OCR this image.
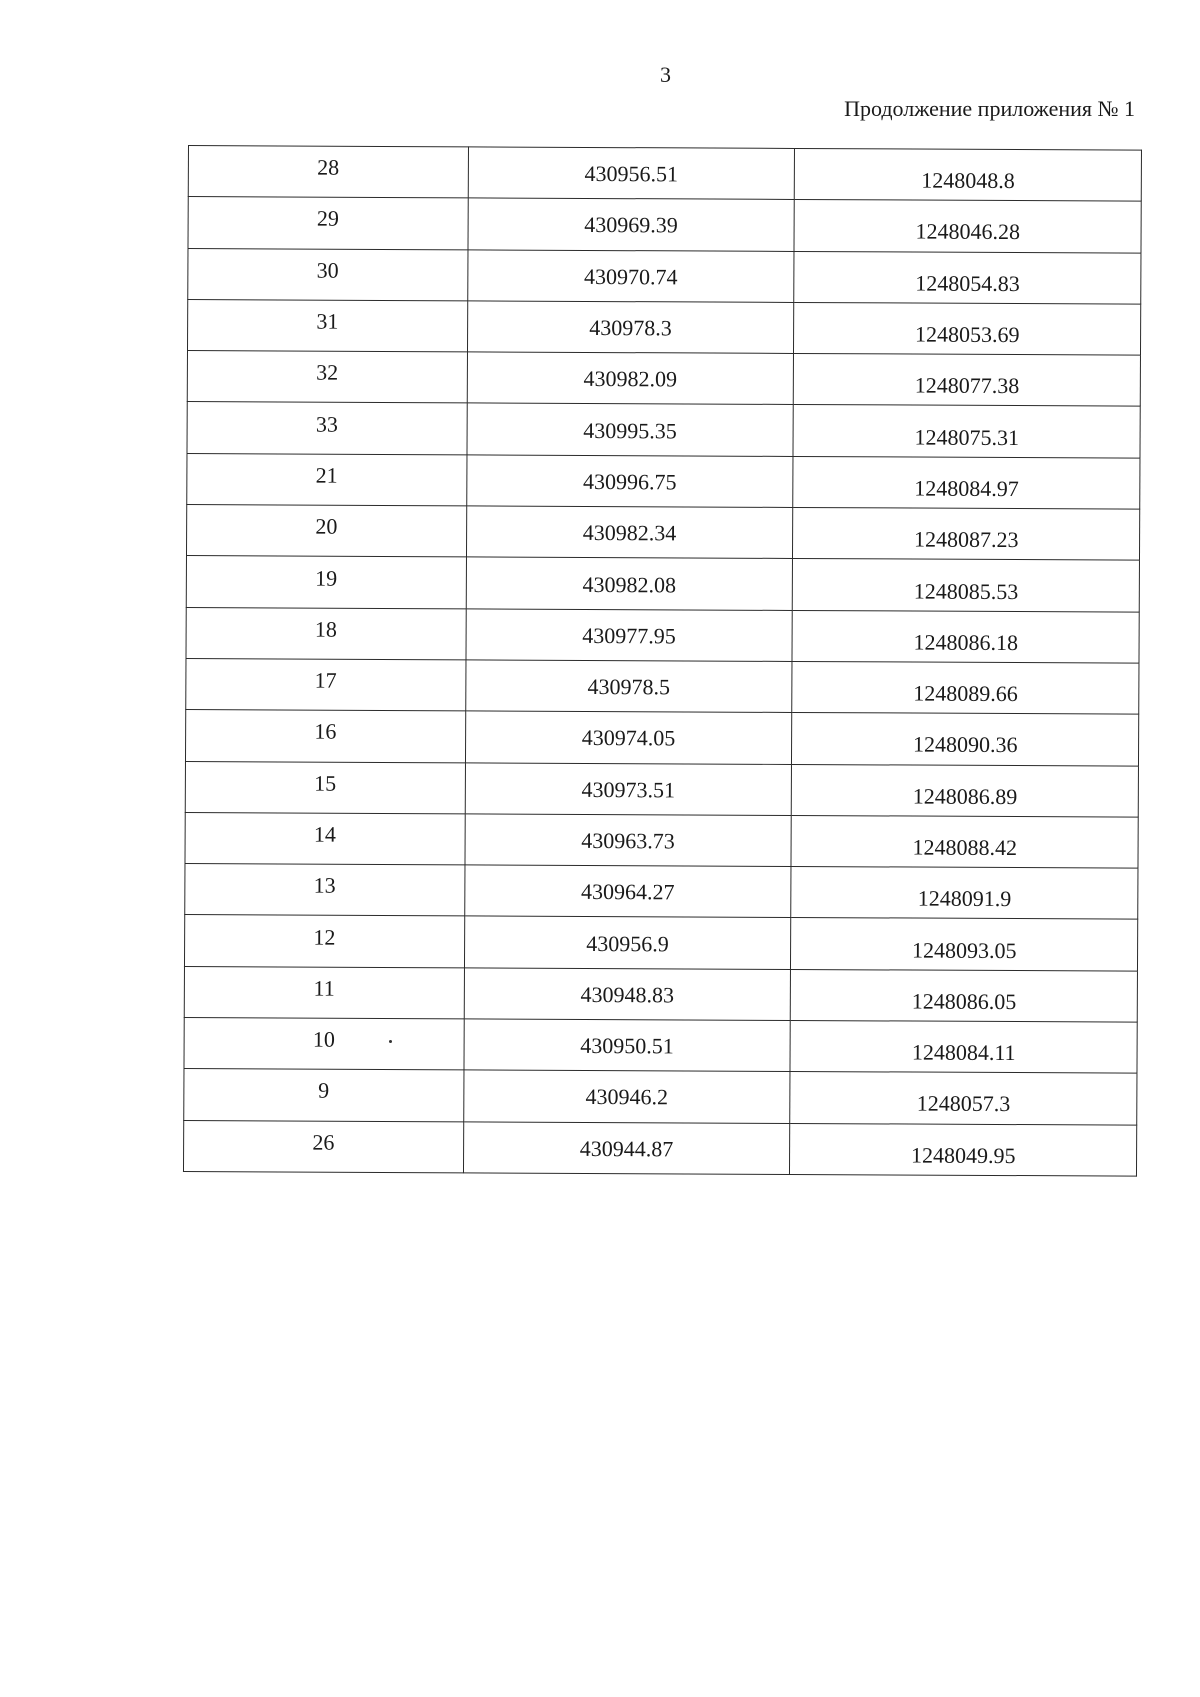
3
Продолжение приложения № 1
28	430956.51	1248048.8
29	430969.39	1248046.28
30	430970.74	1248054.83
31	430978.3	1248053.69
32	430982.09	1248077.38
33	430995.35	1248075.31
21	430996.75	1248084.97
20	430982.34	1248087.23
19	430982.08	1248085.53
18	430977.95	1248086.18
17	430978.5	1248089.66
16	430974.05	1248090.36
15	430973.51	1248086.89
14	430963.73	1248088.42
13	430964.27	1248091.9
12	430956.9	1248093.05
11	430948.83	1248086.05
10	430950.51	1248084.11
9	430946.2	1248057.3
26	430944.87	1248049.95
